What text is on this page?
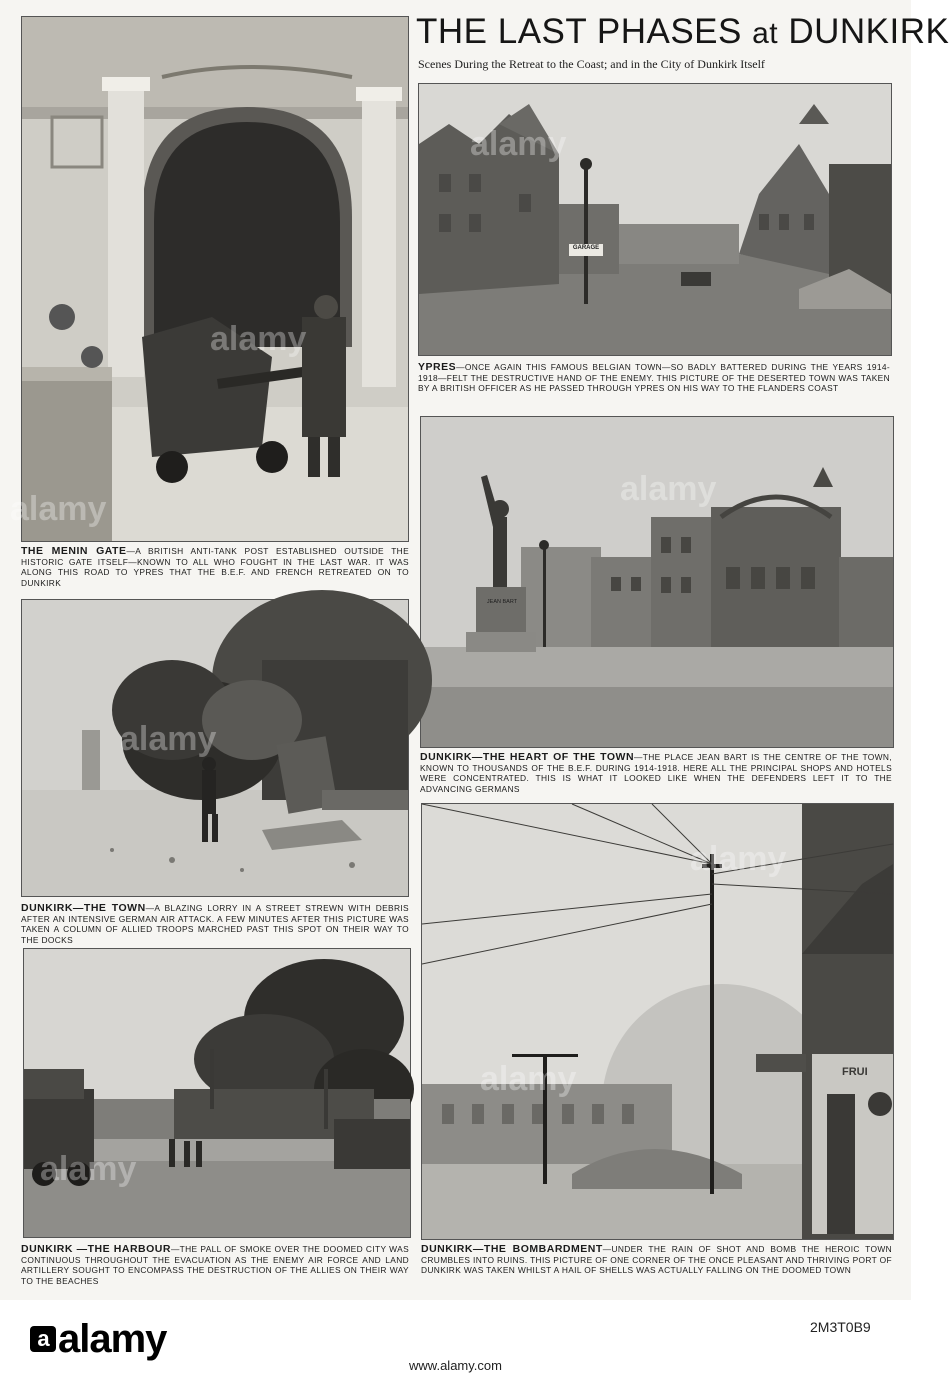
THE LAST PHASES at DUNKIRK
Scenes During the Retreat to the Coast; and in the City of Dunkirk Itself
GARAGE
JEAN BART
FRUI
THE MENIN GATE—A BRITISH ANTI-TANK POST ESTABLISHED OUTSIDE THE HISTORIC GATE ITSELF—KNOWN TO ALL WHO FOUGHT IN THE LAST WAR. IT WAS ALONG THIS ROAD TO YPRES THAT THE B.E.F. AND FRENCH RETREATED ON TO DUNKIRK
YPRES—ONCE AGAIN THIS FAMOUS BELGIAN TOWN—SO BADLY BATTERED DURING THE YEARS 1914-1918—FELT THE DESTRUCTIVE HAND OF THE ENEMY. THIS PICTURE OF THE DESERTED TOWN WAS TAKEN BY A BRITISH OFFICER AS HE PASSED THROUGH YPRES ON HIS WAY TO THE FLANDERS COAST
DUNKIRK—THE HEART OF THE TOWN—THE PLACE JEAN BART IS THE CENTRE OF THE TOWN, KNOWN TO THOUSANDS OF THE B.E.F. DURING 1914-1918. HERE ALL THE PRINCIPAL SHOPS AND HOTELS WERE CONCENTRATED. THIS IS WHAT IT LOOKED LIKE WHEN THE DEFENDERS LEFT IT TO THE ADVANCING GERMANS
DUNKIRK—THE TOWN—A BLAZING LORRY IN A STREET STREWN WITH DEBRIS AFTER AN INTENSIVE GERMAN AIR ATTACK. A FEW MINUTES AFTER THIS PICTURE WAS TAKEN A COLUMN OF ALLIED TROOPS MARCHED PAST THIS SPOT ON THEIR WAY TO THE DOCKS
DUNKIRK —THE HARBOUR—THE PALL OF SMOKE OVER THE DOOMED CITY WAS CONTINUOUS THROUGHOUT THE EVACUATION AS THE ENEMY AIR FORCE AND LAND ARTILLERY SOUGHT TO ENCOMPASS THE DESTRUCTION OF THE ALLIES ON THEIR WAY TO THE BEACHES
DUNKIRK—THE BOMBARDMENT—UNDER THE RAIN OF SHOT AND BOMB THE HEROIC TOWN CRUMBLES INTO RUINS. THIS PICTURE OF ONE CORNER OF THE ONCE PLEASANT AND THRIVING PORT OF DUNKIRK WAS TAKEN WHILST A HAIL OF SHELLS WAS ACTUALLY FALLING ON THE DOOMED TOWN
alamy
alamy
alamy
alamy
alamy
alamy
alamy
alamy
a alamy	2M3T0B9
www.alamy.com
